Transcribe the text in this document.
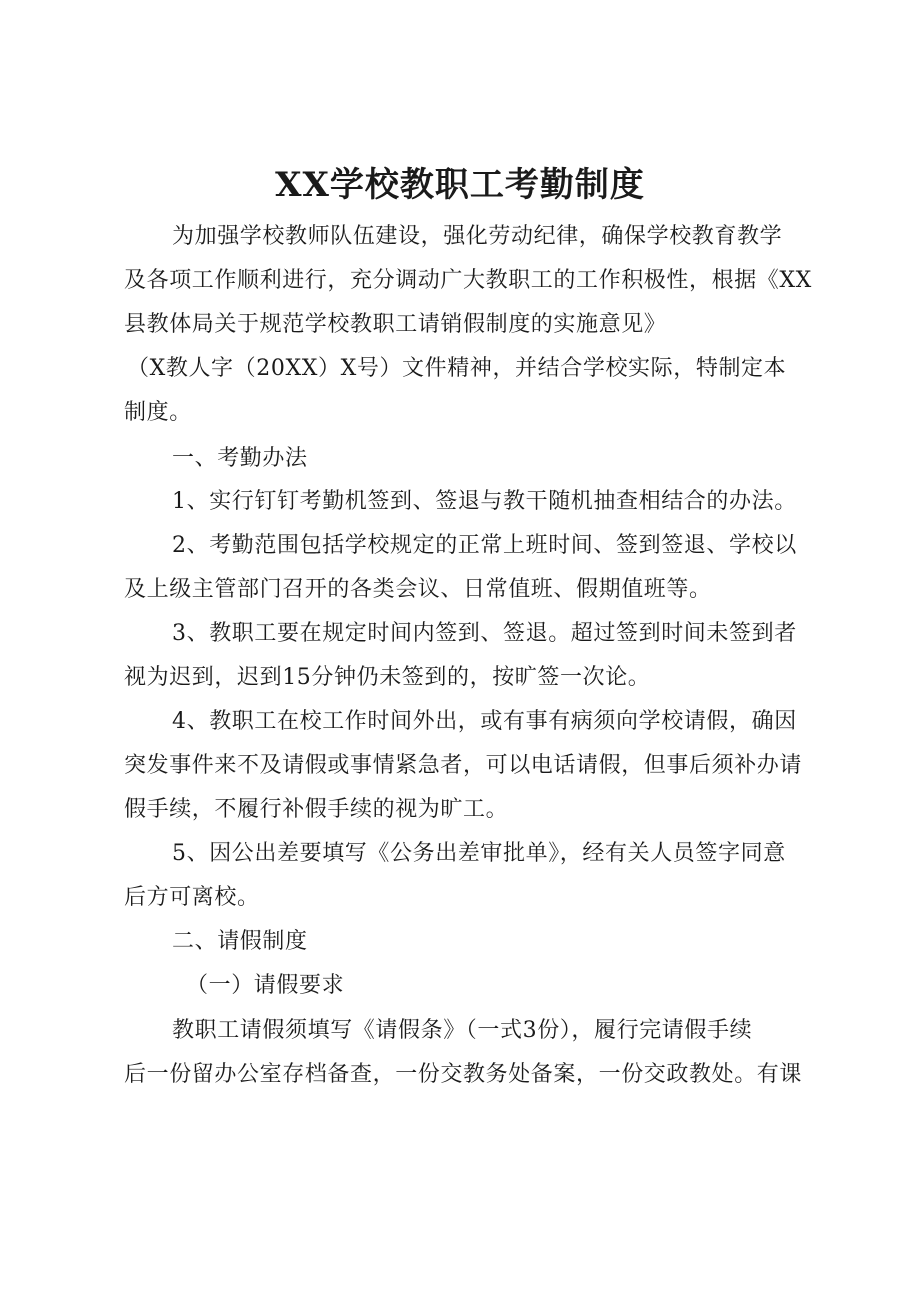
XX学校教职工考勤制度
为加强学校教师队伍建设，强化劳动纪律，确保学校教育教学
及各项工作顺利进行，充分调动广大教职工的工作积极性，根据《XX
县教体局关于规范学校教职工请销假制度的实施意见》
（X教人字（20XX）X号）文件精神，并结合学校实际，特制定本
制度。
一、考勤办法
1、实行钉钉考勤机签到、签退与教干随机抽查相结合的办法。
2、考勤范围包括学校规定的正常上班时间、签到签退、学校以
及上级主管部门召开的各类会议、日常值班、假期值班等。
3、教职工要在规定时间内签到、签退。超过签到时间未签到者
视为迟到，迟到15分钟仍未签到的，按旷签一次论。
4、教职工在校工作时间外出，或有事有病须向学校请假，确因
突发事件来不及请假或事情紧急者，可以电话请假，但事后须补办请
假手续，不履行补假手续的视为旷工。
5、因公出差要填写《公务出差审批单》，经有关人员签字同意
后方可离校。
二、请假制度
（一）请假要求
教职工请假须填写《请假条》（一式3份），履行完请假手续
后一份留办公室存档备查，一份交教务处备案，一份交政教处。有课
